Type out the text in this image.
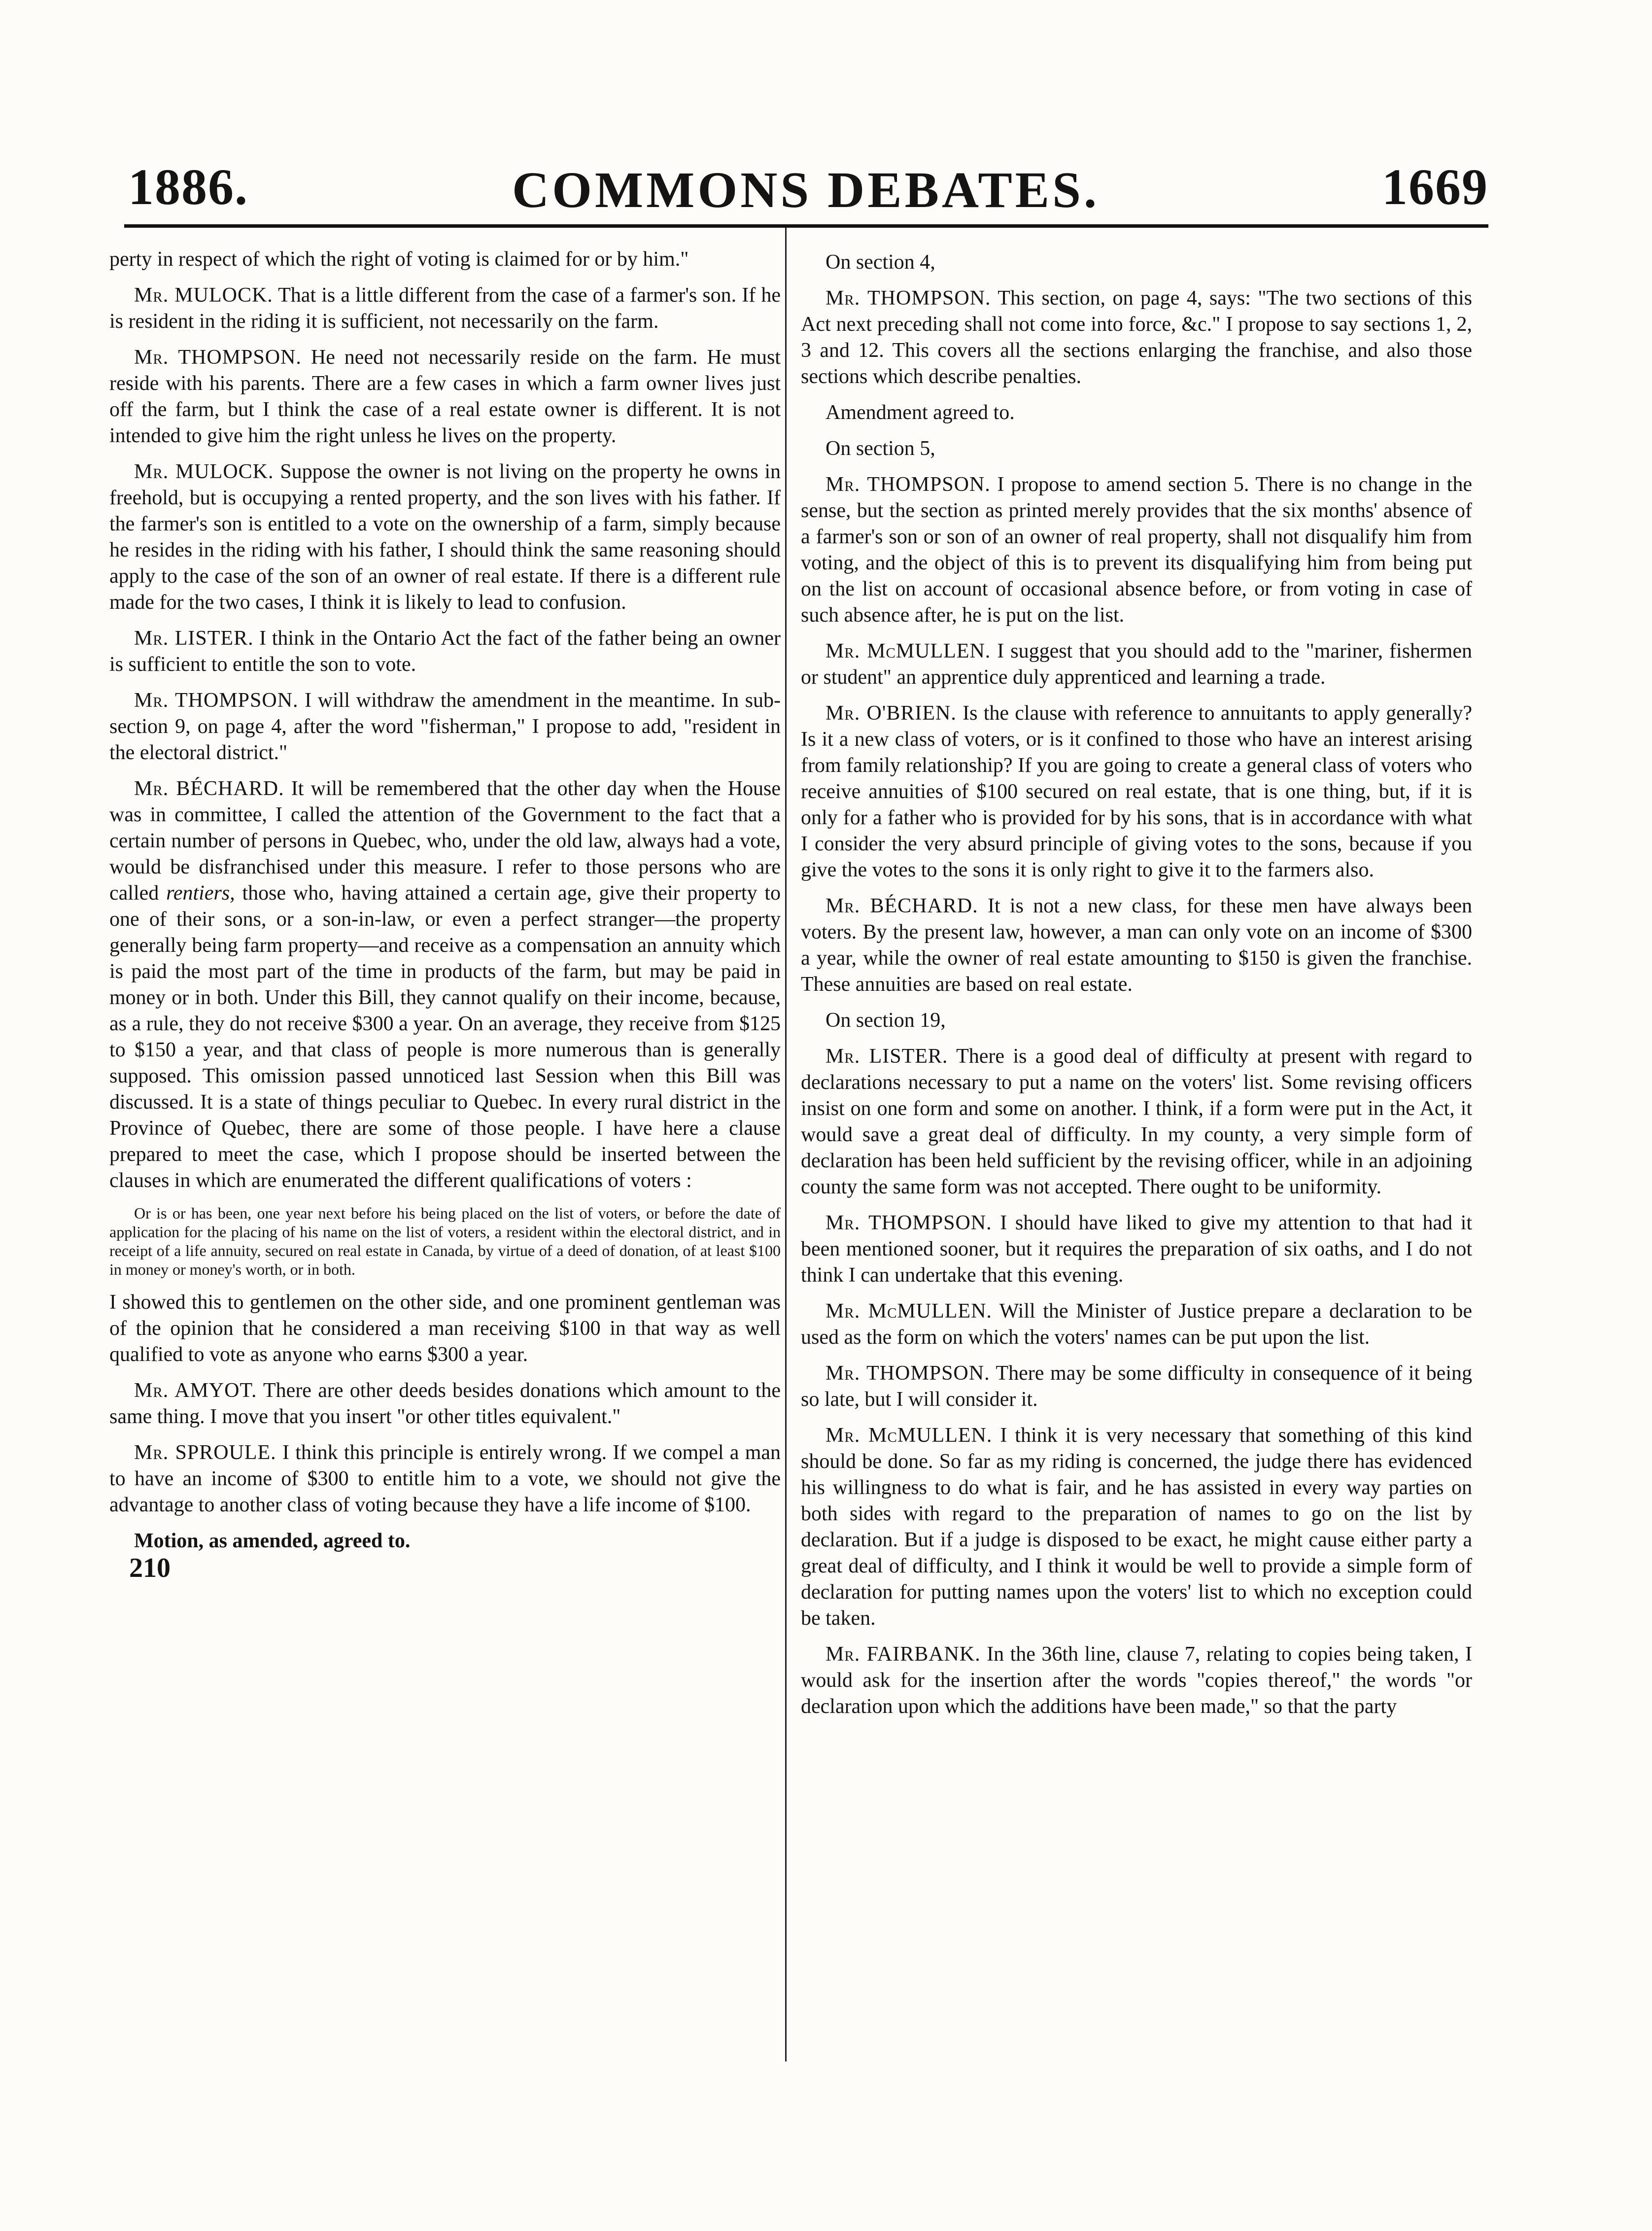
1886.	COMMONS DEBATES.	1669

perty in respect of which the right of voting is claimed for or by him."

Mr. MULOCK. That is a little different from the case of a farmer's son. If he is resident in the riding it is sufficient, not necessarily on the farm.

Mr. THOMPSON. He need not necessarily reside on the farm. He must reside with his parents. There are a few cases in which a farm owner lives just off the farm, but I think the case of a real estate owner is different. It is not intended to give him the right unless he lives on the property.

Mr. MULOCK. Suppose the owner is not living on the property he owns in freehold, but is occupying a rented property, and the son lives with his father. If the farmer's son is entitled to a vote on the ownership of a farm, simply because he resides in the riding with his father, I should think the same reasoning should apply to the case of the son of an owner of real estate. If there is a different rule made for the two cases, I think it is likely to lead to confusion.

Mr. LISTER. I think in the Ontario Act the fact of the father being an owner is sufficient to entitle the son to vote.

Mr. THOMPSON. I will withdraw the amendment in the meantime. In sub-section 9, on page 4, after the word "fisherman," I propose to add, "resident in the electoral district."

Mr. BÉCHARD. It will be remembered that the other day when the House was in committee, I called the attention of the Government to the fact that a certain number of persons in Quebec, who, under the old law, always had a vote, would be disfranchised under this measure. I refer to those persons who are called rentiers, those who, having attained a certain age, give their property to one of their sons, or a son-in-law, or even a perfect stranger—the property generally being farm property—and receive as a compensation an annuity which is paid the most part of the time in products of the farm, but may be paid in money or in both. Under this Bill, they cannot qualify on their income, because, as a rule, they do not receive $300 a year. On an average, they receive from $125 to $150 a year, and that class of people is more numerous than is generally supposed. This omission passed unnoticed last Session when this Bill was discussed. It is a state of things peculiar to Quebec. In every rural district in the Province of Quebec, there are some of those people. I have here a clause prepared to meet the case, which I propose should be inserted between the clauses in which are enumerated the different qualifications of voters :

Or is or has been, one year next before his being placed on the list of voters, or before the date of application for the placing of his name on the list of voters, a resident within the electoral district, and in receipt of a life annuity, secured on real estate in Canada, by virtue of a deed of donation, of at least $100 in money or money's worth, or in both.

I showed this to gentlemen on the other side, and one prominent gentleman was of the opinion that he considered a man receiving $100 in that way as well qualified to vote as anyone who earns $300 a year.

Mr. AMYOT. There are other deeds besides donations which amount to the same thing. I move that you insert "or other titles equivalent."

Mr. SPROULE. I think this principle is entirely wrong. If we compel a man to have an income of $300 to entitle him to a vote, we should not give the advantage to another class of voting because they have a life income of $100.

Motion, as amended, agreed to.

210

On section 4,

Mr. THOMPSON. This section, on page 4, says: "The two sections of this Act next preceding shall not come into force, &c." I propose to say sections 1, 2, 3 and 12. This covers all the sections enlarging the franchise, and also those sections which describe penalties.

Amendment agreed to.

On section 5,

Mr. THOMPSON. I propose to amend section 5. There is no change in the sense, but the section as printed merely provides that the six months' absence of a farmer's son or son of an owner of real property, shall not disqualify him from voting, and the object of this is to prevent its disqualifying him from being put on the list on account of occasional absence before, or from voting in case of such absence after, he is put on the list.

Mr. McMULLEN. I suggest that you should add to the "mariner, fishermen or student" an apprentice duly apprenticed and learning a trade.

Mr. O'BRIEN. Is the clause with reference to annuitants to apply generally? Is it a new class of voters, or is it confined to those who have an interest arising from family relationship? If you are going to create a general class of voters who receive annuities of $100 secured on real estate, that is one thing, but, if it is only for a father who is provided for by his sons, that is in accordance with what I consider the very absurd principle of giving votes to the sons, because if you give the votes to the sons it is only right to give it to the farmers also.

Mr. BÉCHARD. It is not a new class, for these men have always been voters. By the present law, however, a man can only vote on an income of $300 a year, while the owner of real estate amounting to $150 is given the franchise. These annuities are based on real estate.

On section 19,

Mr. LISTER. There is a good deal of difficulty at present with regard to declarations necessary to put a name on the voters' list. Some revising officers insist on one form and some on another. I think, if a form were put in the Act, it would save a great deal of difficulty. In my county, a very simple form of declaration has been held sufficient by the revising officer, while in an adjoining county the same form was not accepted. There ought to be uniformity.

Mr. THOMPSON. I should have liked to give my attention to that had it been mentioned sooner, but it requires the preparation of six oaths, and I do not think I can undertake that this evening.

Mr. McMULLEN. Will the Minister of Justice prepare a declaration to be used as the form on which the voters' names can be put upon the list.

Mr. THOMPSON. There may be some difficulty in consequence of it being so late, but I will consider it.

Mr. McMULLEN. I think it is very necessary that something of this kind should be done. So far as my riding is concerned, the judge there has evidenced his willingness to do what is fair, and he has assisted in every way parties on both sides with regard to the preparation of names to go on the list by declaration. But if a judge is disposed to be exact, he might cause either party a great deal of difficulty, and I think it would be well to provide a simple form of declaration for putting names upon the voters' list to which no exception could be taken.

Mr. FAIRBANK. In the 36th line, clause 7, relating to copies being taken, I would ask for the insertion after the words "copies thereof," the words "or declaration upon which the additions have been made," so that the party
